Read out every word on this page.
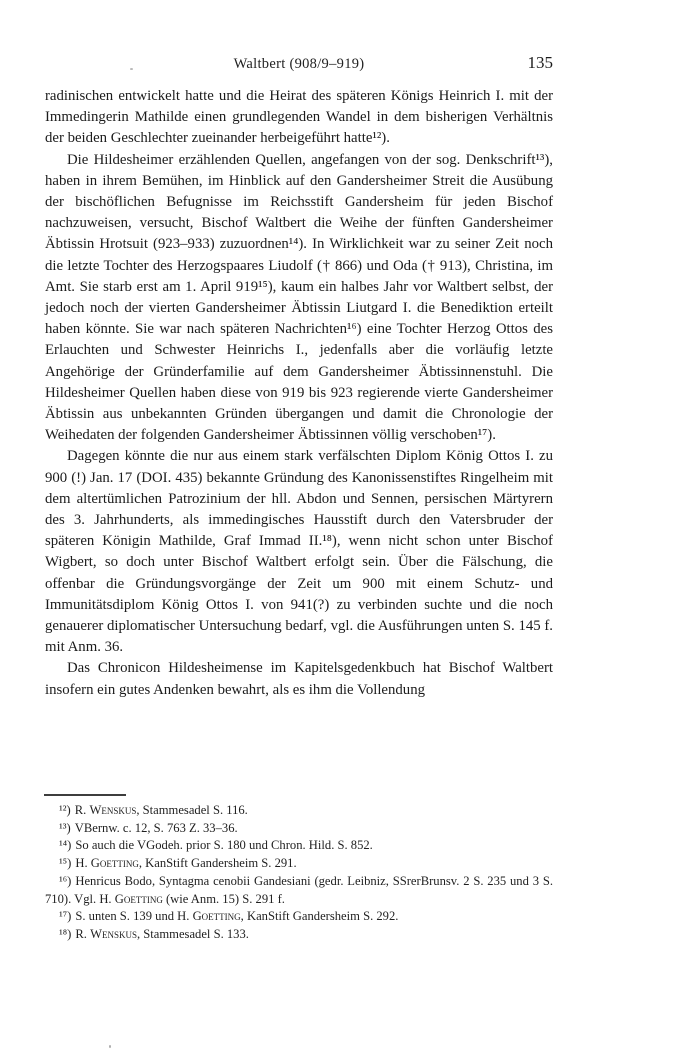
Waltbert (908/9–919)	135

radinischen entwickelt hatte und die Heirat des späteren Königs Heinrich I. mit der Immedingerin Mathilde einen grundlegenden Wandel in dem bisherigen Verhältnis der beiden Geschlechter zueinander herbeigeführt hatte¹²).

Die Hildesheimer erzählenden Quellen, angefangen von der sog. Denkschrift¹³), haben in ihrem Bemühen, im Hinblick auf den Gandersheimer Streit die Ausübung der bischöflichen Befugnisse im Reichsstift Gandersheim für jeden Bischof nachzuweisen, versucht, Bischof Waltbert die Weihe der fünften Gandersheimer Äbtissin Hrotsuit (923–933) zuzuordnen¹⁴). In Wirklichkeit war zu seiner Zeit noch die letzte Tochter des Herzogspaares Liudolf († 866) und Oda († 913), Christina, im Amt. Sie starb erst am 1. April 919¹⁵), kaum ein halbes Jahr vor Waltbert selbst, der jedoch noch der vierten Gandersheimer Äbtissin Liutgard I. die Benediktion erteilt haben könnte. Sie war nach späteren Nachrichten¹⁶) eine Tochter Herzog Ottos des Erlauchten und Schwester Heinrichs I., jedenfalls aber die vorläufig letzte Angehörige der Gründerfamilie auf dem Gandersheimer Äbtissinnenstuhl. Die Hildesheimer Quellen haben diese von 919 bis 923 regierende vierte Gandersheimer Äbtissin aus unbekannten Gründen übergangen und damit die Chronologie der Weihedaten der folgenden Gandersheimer Äbtissinnen völlig verschoben¹⁷).

Dagegen könnte die nur aus einem stark verfälschten Diplom König Ottos I. zu 900 (!) Jan. 17 (DOI. 435) bekannte Gründung des Kanonissenstiftes Ringelheim mit dem altertümlichen Patrozinium der hll. Abdon und Sennen, persischen Märtyrern des 3. Jahrhunderts, als immedingisches Hausstift durch den Vatersbruder der späteren Königin Mathilde, Graf Immad II.¹⁸), wenn nicht schon unter Bischof Wigbert, so doch unter Bischof Waltbert erfolgt sein. Über die Fälschung, die offenbar die Gründungsvorgänge der Zeit um 900 mit einem Schutz- und Immunitätsdiplom König Ottos I. von 941(?) zu verbinden suchte und die noch genauerer diplomatischer Untersuchung bedarf, vgl. die Ausführungen unten S. 145 f. mit Anm. 36.

Das Chronicon Hildesheimense im Kapitelsgedenkbuch hat Bischof Waltbert insofern ein gutes Andenken bewahrt, als es ihm die Vollendung

¹²) R. Wenskus, Stammesadel S. 116.

¹³) VBernw. c. 12, S. 763 Z. 33–36.

¹⁴) So auch die VGodeh. prior S. 180 und Chron. Hild. S. 852.

¹⁵) H. Goetting, KanStift Gandersheim S. 291.

¹⁶) Henricus Bodo, Syntagma cenobii Gandesiani (gedr. Leibniz, SSrerBrunsv. 2 S. 235 und 3 S. 710). Vgl. H. Goetting (wie Anm. 15) S. 291 f.

¹⁷) S. unten S. 139 und H. Goetting, KanStift Gandersheim S. 292.

¹⁸) R. Wenskus, Stammesadel S. 133.
